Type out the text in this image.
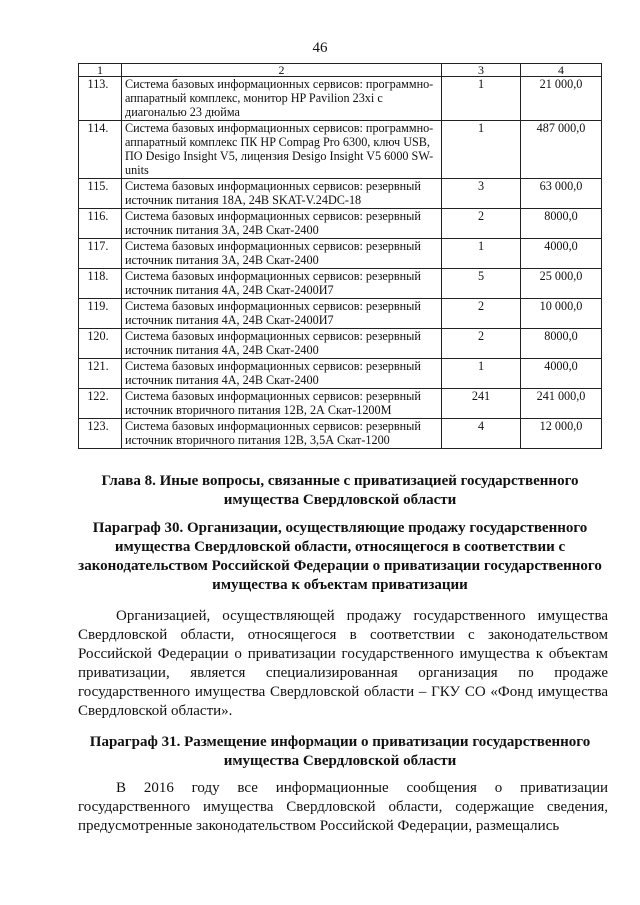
46
1	2	3	4
113.	Система базовых информационных сервисов: программно-аппаратный комплекс, монитор HP Pavilion 23xi с диагональю 23 дюйма	1	21 000,0
114.	Система базовых информационных сервисов: программно-аппаратный комплекс ПК HP Compag Pro 6300, ключ USB, ПО Desigo Insight V5, лицензия Desigo Insight V5 6000 SW-units	1	487 000,0
115.	Система базовых информационных сервисов: резервный источник питания 18А, 24В SKAT-V.24DC-18	3	63 000,0
116.	Система базовых информационных сервисов: резервный источник питания 3А, 24В Скат-2400	2	8000,0
117.	Система базовых информационных сервисов: резервный источник питания 3А, 24В Скат-2400	1	4000,0
118.	Система базовых информационных сервисов: резервный источник питания 4А, 24В Скат-2400И7	5	25 000,0
119.	Система базовых информационных сервисов: резервный источник питания 4А, 24В Скат-2400И7	2	10 000,0
120.	Система базовых информационных сервисов: резервный источник питания 4А, 24В Скат-2400	2	8000,0
121.	Система базовых информационных сервисов: резервный источник питания 4А, 24В Скат-2400	1	4000,0
122.	Система базовых информационных сервисов: резервный источник вторичного питания 12В, 2А Скат-1200М	241	241 000,0
123.	Система базовых информационных сервисов: резервный источник вторичного питания 12В, 3,5А Скат-1200	4	12 000,0
Глава 8. Иные вопросы, связанные с приватизацией государственного имущества Свердловской области
Параграф 30. Организации, осуществляющие продажу государственного имущества Свердловской области, относящегося в соответствии с законодательством Российской Федерации о приватизации государственного имущества к объектам приватизации
Организацией, осуществляющей продажу государственного имущества Свердловской области, относящегося в соответствии с законодательством Российской Федерации о приватизации государственного имущества к объектам приватизации, является специализированная организация по продаже государственного имущества Свердловской области – ГКУ СО «Фонд имущества Свердловской области».
Параграф 31. Размещение информации о приватизации государственного имущества Свердловской области
В 2016 году все информационные сообщения о приватизации государственного имущества Свердловской области, содержащие сведения, предусмотренные законодательством Российской Федерации, размещались
